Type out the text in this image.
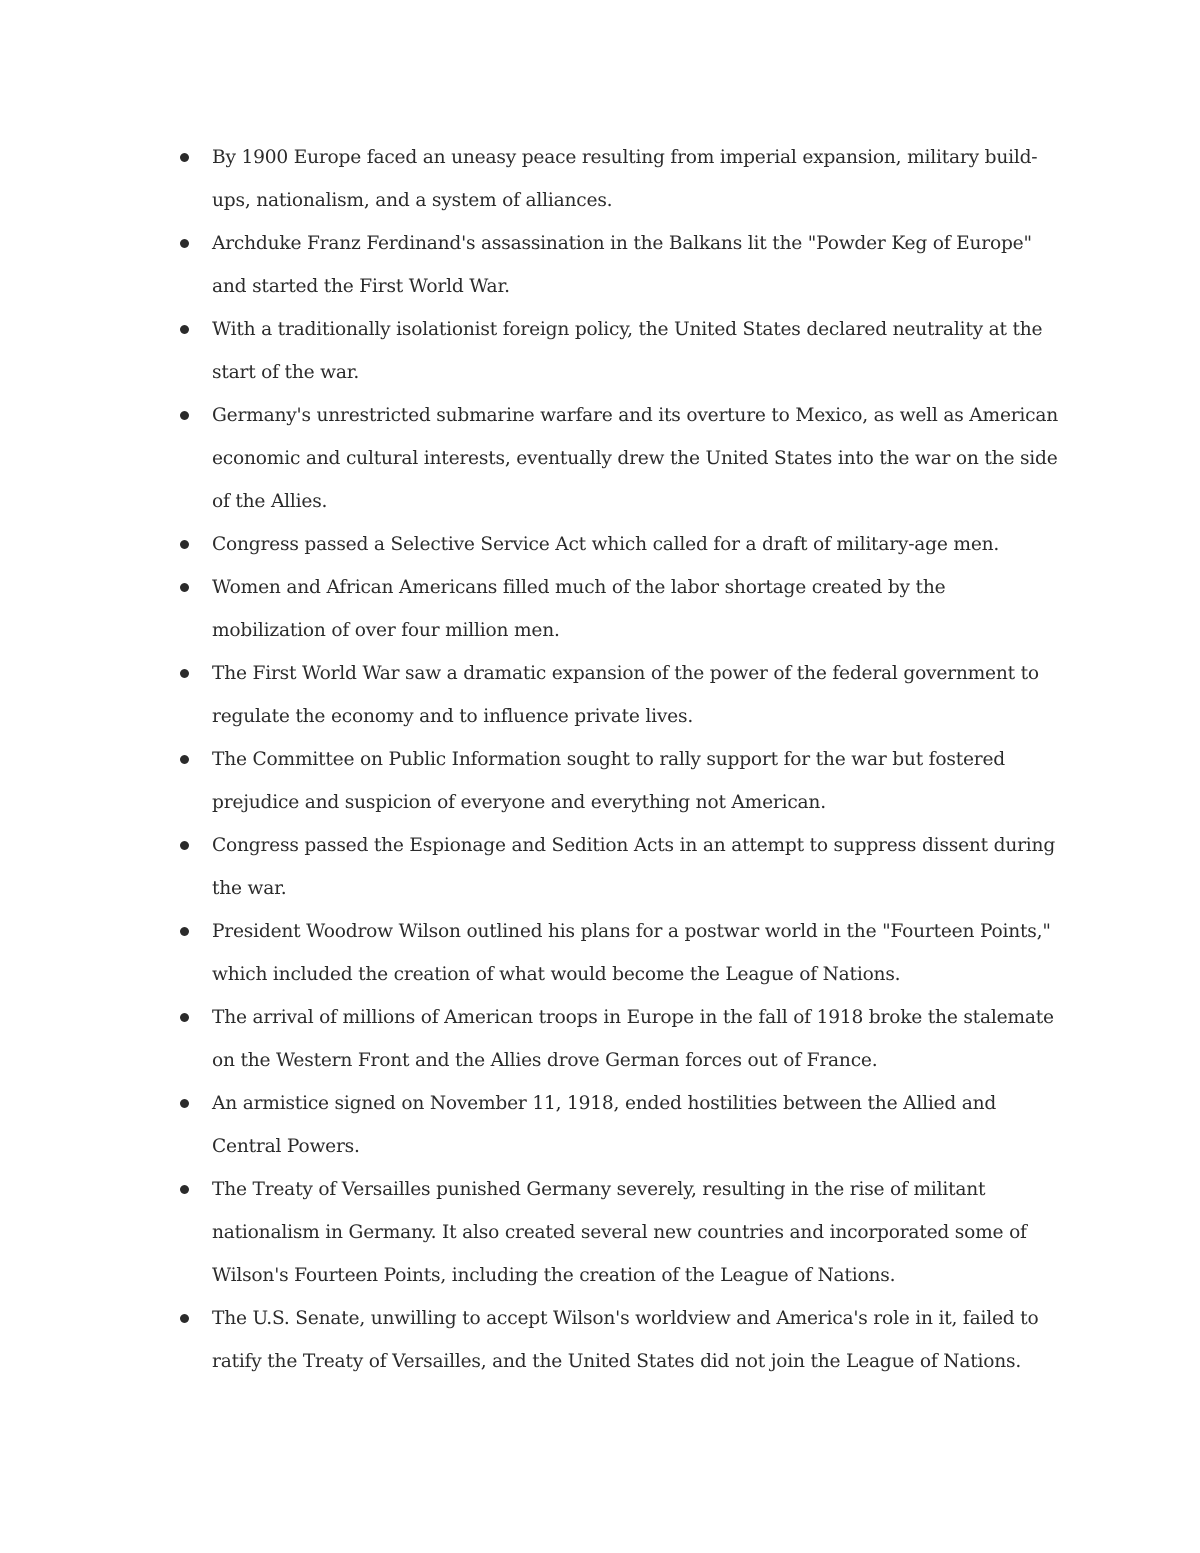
By 1900 Europe faced an uneasy peace resulting from imperial expansion, military build-ups, nationalism, and a system of alliances.
Archduke Franz Ferdinand's assassination in the Balkans lit the "Powder Keg of Europe" and started the First World War.
With a traditionally isolationist foreign policy, the United States declared neutrality at the start of the war.
Germany's unrestricted submarine warfare and its overture to Mexico, as well as American economic and cultural interests, eventually drew the United States into the war on the side of the Allies.
Congress passed a Selective Service Act which called for a draft of military-age men.
Women and African Americans filled much of the labor shortage created by the mobilization of over four million men.
The First World War saw a dramatic expansion of the power of the federal government to regulate the economy and to influence private lives.
The Committee on Public Information sought to rally support for the war but fostered prejudice and suspicion of everyone and everything not American.
Congress passed the Espionage and Sedition Acts in an attempt to suppress dissent during the war.
President Woodrow Wilson outlined his plans for a postwar world in the "Fourteen Points," which included the creation of what would become the League of Nations.
The arrival of millions of American troops in Europe in the fall of 1918 broke the stalemate on the Western Front and the Allies drove German forces out of France.
An armistice signed on November 11, 1918, ended hostilities between the Allied and Central Powers.
The Treaty of Versailles punished Germany severely, resulting in the rise of militant nationalism in Germany. It also created several new countries and incorporated some of Wilson's Fourteen Points, including the creation of the League of Nations.
The U.S. Senate, unwilling to accept Wilson's worldview and America's role in it, failed to ratify the Treaty of Versailles, and the United States did not join the League of Nations.
